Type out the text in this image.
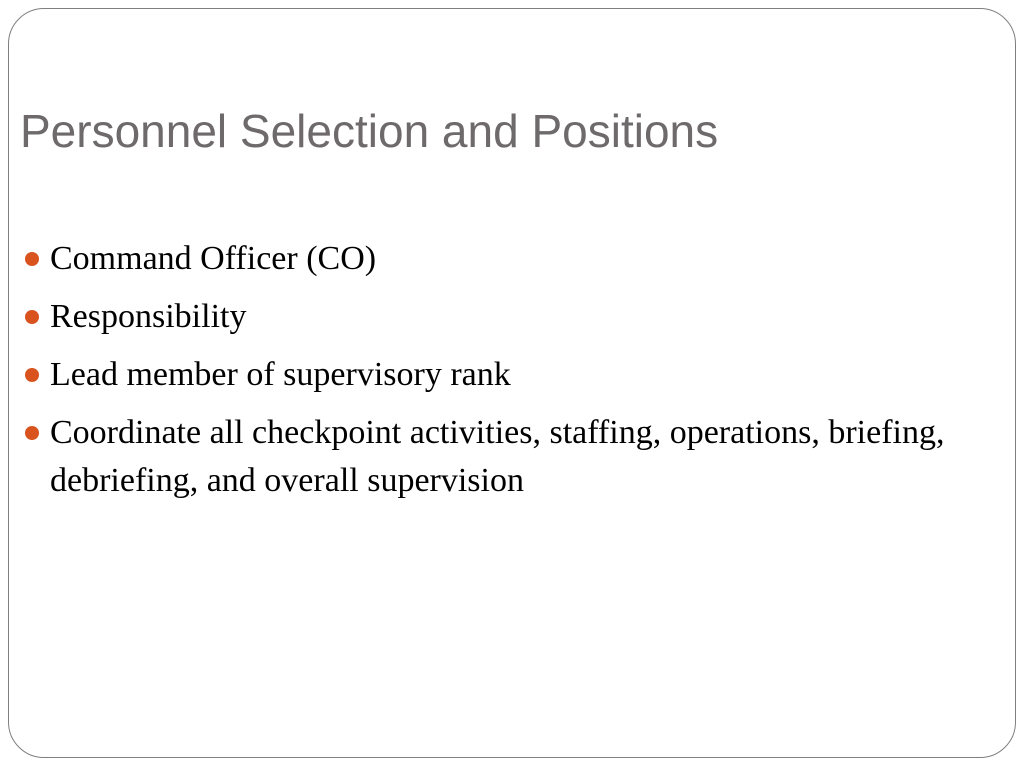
Personnel Selection and Positions
Command Officer (CO)
Responsibility
Lead member of supervisory rank
Coordinate all checkpoint activities, staffing, operations, briefing, debriefing, and overall supervision
